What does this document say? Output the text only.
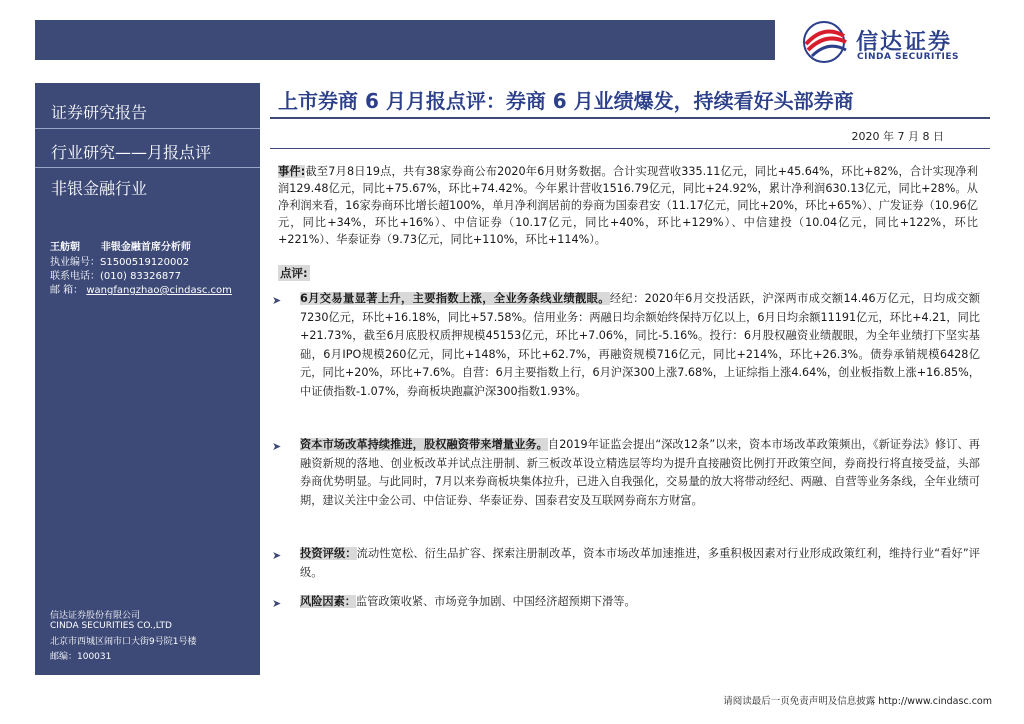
信达证券
CINDA SECURITIES
证券研究报告
行业研究——月报点评
非银金融行业
王舫朝 非银金融首席分析师
执业编号：S1500519120002
联系电话：(010) 83326877
邮 箱： wangfangzhao@cindasc.com
信达证券股份有限公司
CINDA SECURITIES CO.,LTD
北京市西城区闹市口大街9号院1号楼
邮编：100031
上市券商 6 月月报点评：券商 6 月业绩爆发，持续看好头部券商
2020 年 7 月 8 日
事件:截至7月8日19点，共有38家券商公布2020年6月财务数据。合计实现营收335.11亿元，同比+45.64%，环比+82%，合计实现净利润129.48亿元，同比+75.67%，环比+74.42%。今年累计营收1516.79亿元，同比+24.92%，累计净利润630.13亿元，同比+28%。从净利润来看，16家券商环比增长超100%，单月净利润居前的券商为国泰君安（11.17亿元，同比+20%，环比+65%）、广发证券（10.96亿元，同比+34%，环比+16%）、中信证券（10.17亿元，同比+40%，环比+129%）、中信建投（10.04亿元，同比+122%，环比+221%）、华泰证券（9.73亿元，同比+110%，环比+114%）。
点评:
➤ 6月交易量显著上升，主要指数上涨，全业务条线业绩靓眼。经纪：2020年6月交投活跃，沪深两市成交额14.46万亿元，日均成交额7230亿元，环比+16.18%，同比+57.58%。信用业务：两融日均余额始终保持万亿以上，6月日均余额11191亿元，环比+4.21，同比+21.73%，截至6月底股权质押规模45153亿元，环比+7.06%，同比-5.16%。投行：6月股权融资业绩靓眼，为全年业绩打下坚实基础，6月IPO规模260亿元，同比+148%，环比+62.7%，再融资规模716亿元，同比+214%，环比+26.3%。债券承销规模6428亿元，同比+20%，环比+7.6%。自营：6月主要指数上行，6月沪深300上涨7.68%，上证综指上涨4.64%，创业板指数上涨+16.85%，中证债指数-1.07%，券商板块跑赢沪深300指数1.93%。
➤ 资本市场改革持续推进，股权融资带来增量业务。自2019年证监会提出“深改12条”以来，资本市场改革政策频出，《新证券法》修订、再融资新规的落地、创业板改革并试点注册制、新三板改革设立精选层等均为提升直接融资比例打开政策空间，券商投行将直接受益，头部券商优势明显。与此同时，7月以来券商板块集体拉升，已进入自我强化，交易量的放大将带动经纪、两融、自营等业务条线，全年业绩可期，建议关注中金公司、中信证券、华泰证券、国泰君安及互联网券商东方财富。
➤ 投资评级：流动性宽松、衍生品扩容、探索注册制改革，资本市场改革加速推进，多重积极因素对行业形成政策红利，维持行业“看好”评级。
➤ 风险因素：监管政策收紧、市场竞争加剧、中国经济超预期下滑等。
请阅读最后一页免责声明及信息披露 http://www.cindasc.com
